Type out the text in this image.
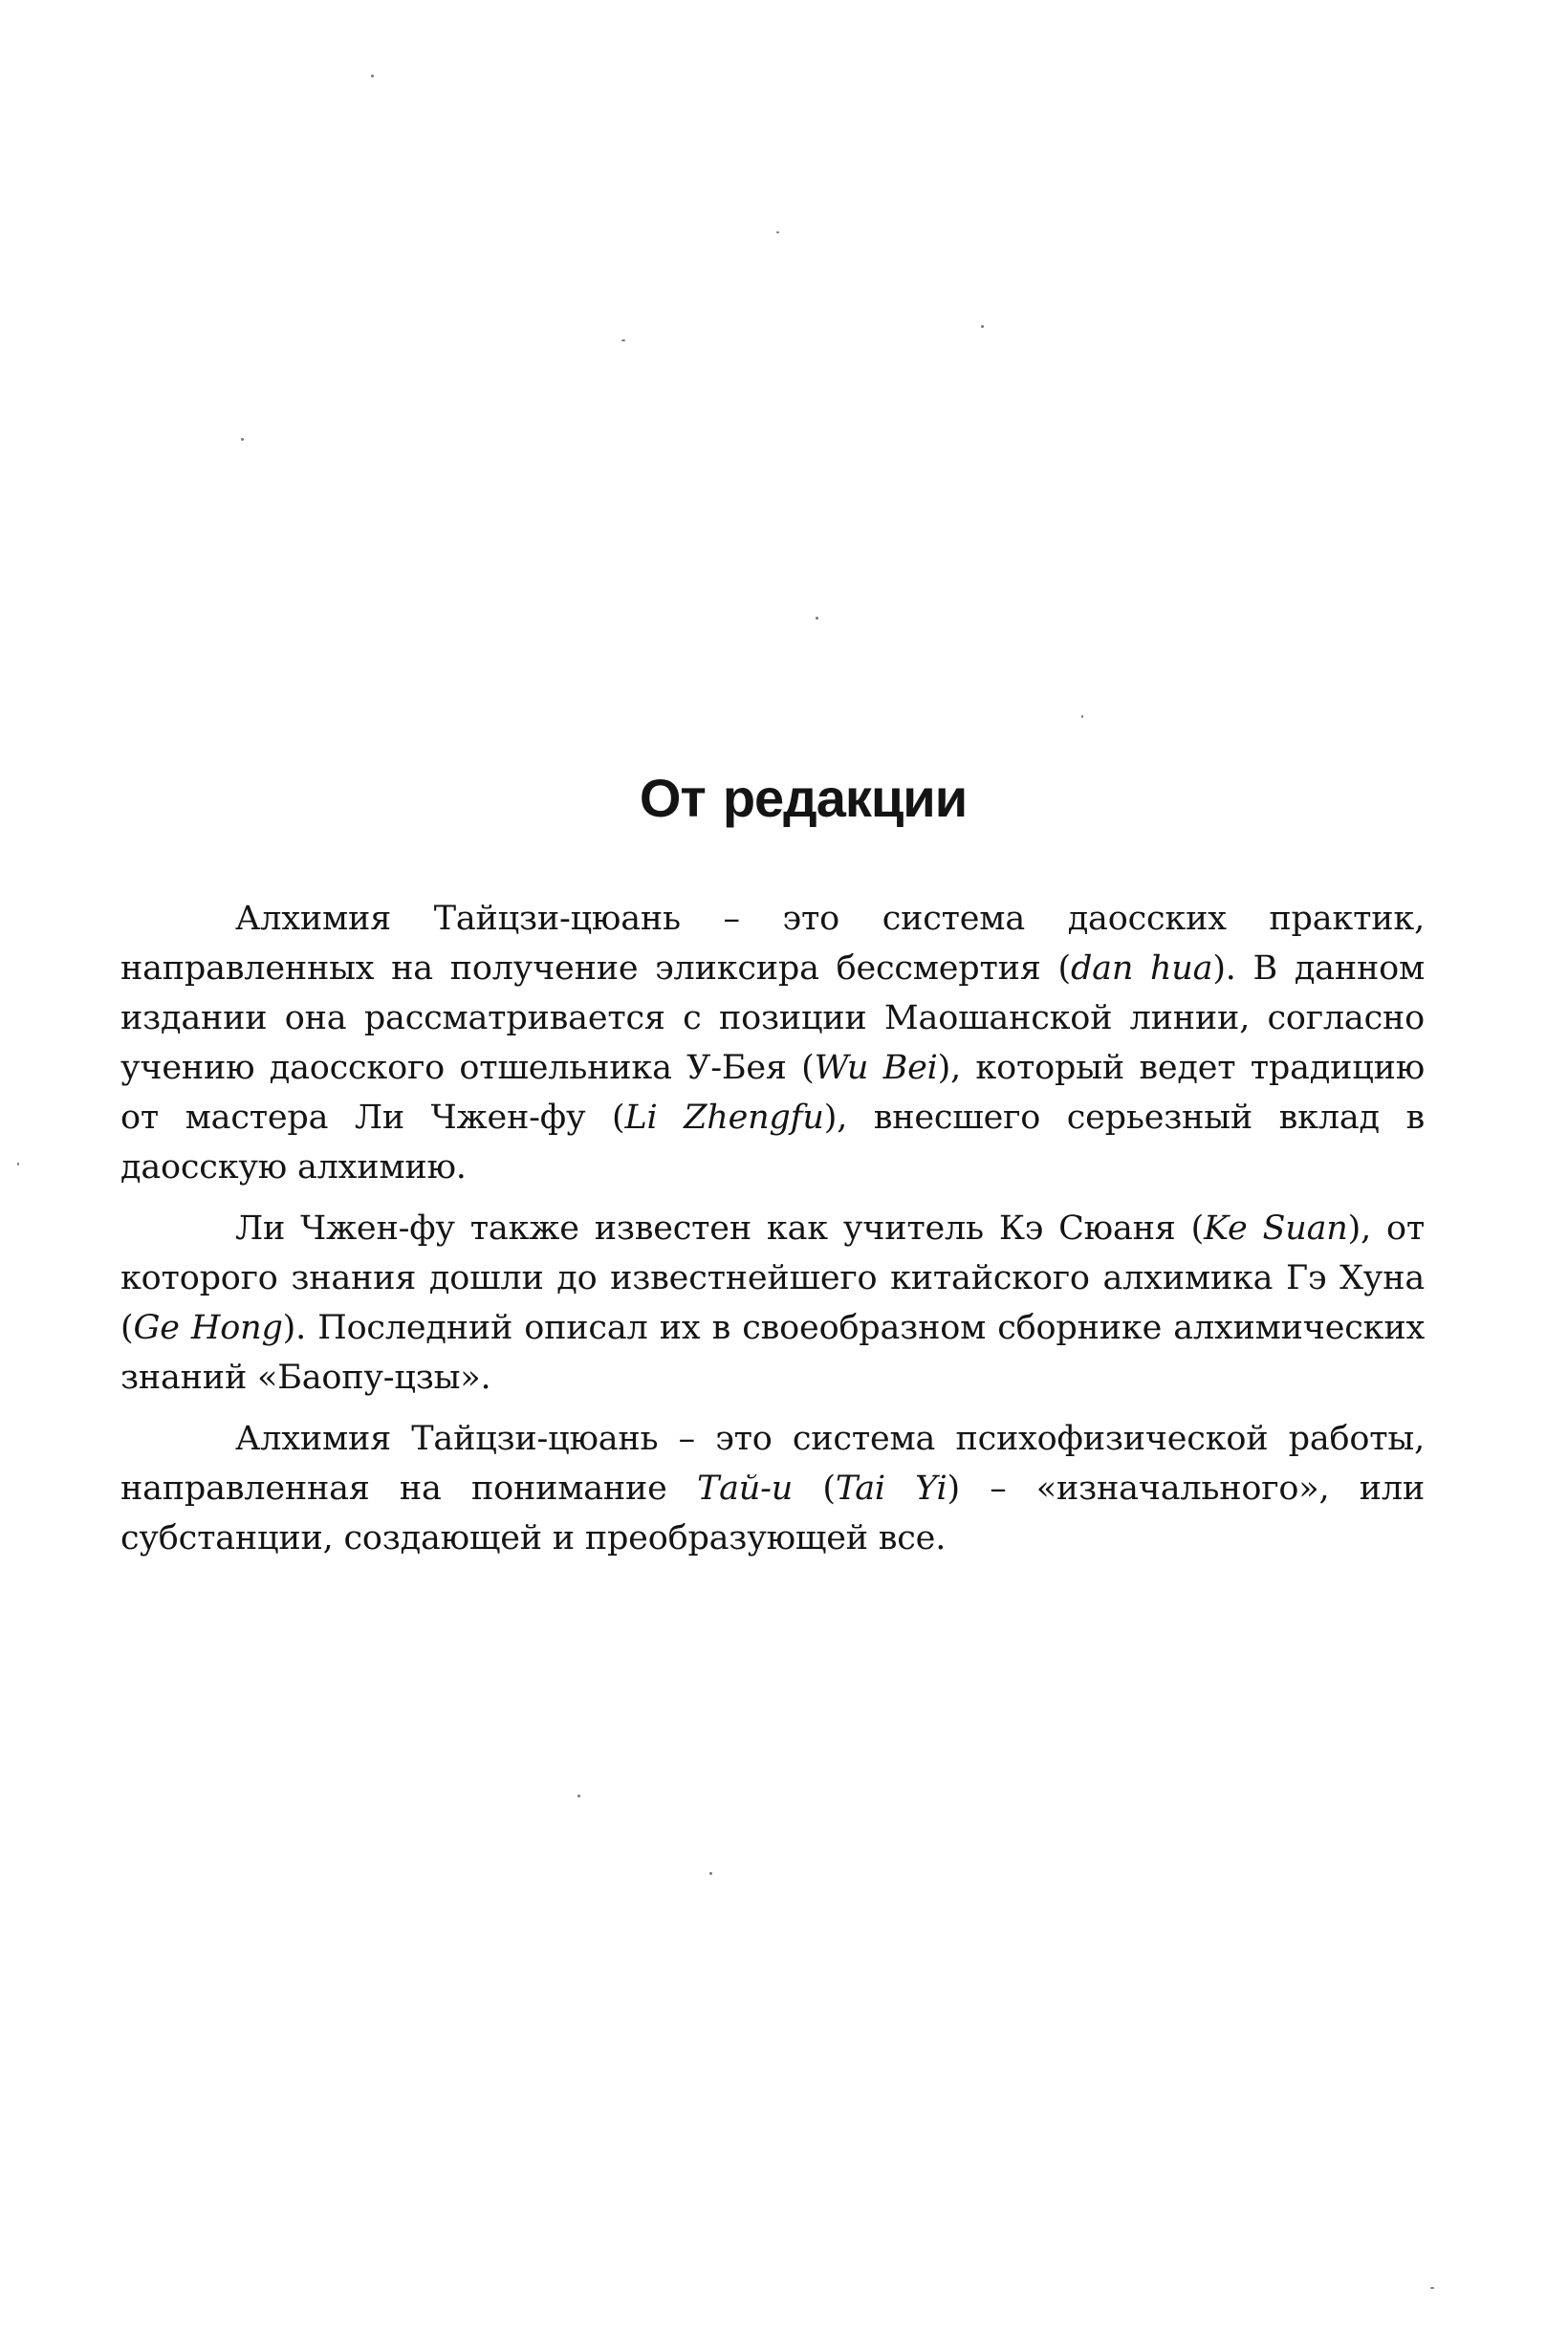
От редакции

Алхимия Тайцзи-цюань – это система даосских практик, направленных на получение эликсира бессмертия (dan hua). В данном издании она рассматривается с позиции Маошанской линии, согласно учению даосского отшельника У-Бея (Wu Bei), который ведет традицию от мастера Ли Чжен-фу (Li Zhengfu), внесшего серьезный вклад в даосскую алхимию.

Ли Чжен-фу также известен как учитель Кэ Сюаня (Ke Suan), от которого знания дошли до известнейшего китайского алхимика Гэ Хуна (Ge Hong). Последний описал их в своеобразном сборнике алхимических знаний «Баопу-цзы».

Алхимия Тайцзи-цюань – это система психофизической работы, направленная на понимание Тай-и (Tai Yi) – «изначального», или субстанции, создающей и преобразующей все.
